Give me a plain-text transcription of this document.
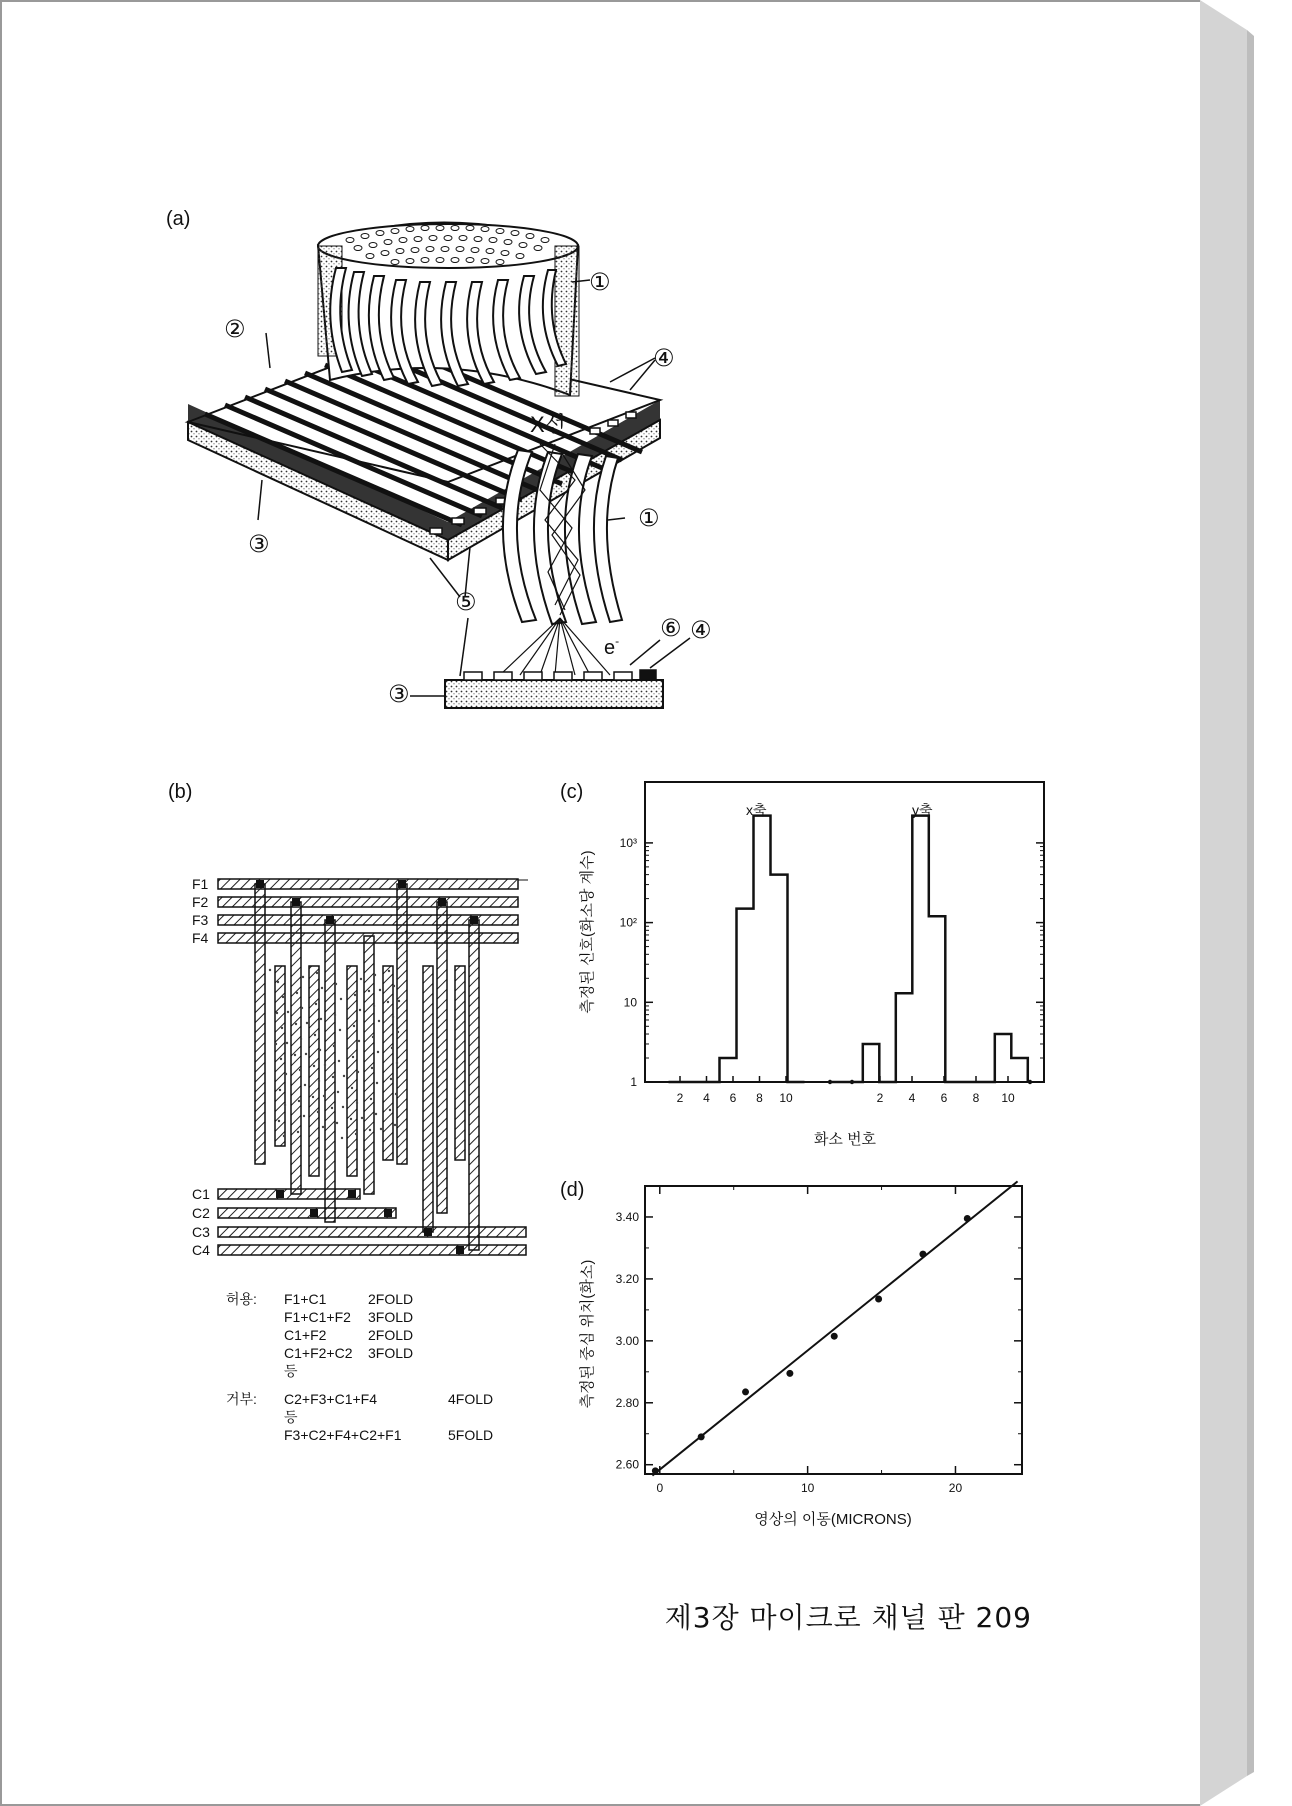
(a)
①
②
③
④
⑤
①
⑥ ④
③
X선
e-
(b)
F1
F2
F3
F4
C1
C2
C3
C4
허용:	F1+C1	2FOLD
F1+C1+F2	3FOLD
C1+F2	2FOLD
C1+F2+C2	3FOLD
등
거부:	C2+F3+C1+F4	4FOLD
등
F3+C2+F4+C2+F1	5FOLD
(c)
1
10
10²
10³
x축	y축
2 4 6 8 10	2 4 6 8 10
화소 번호
측정된 신호(화소당 계수)
(d)
2.60
2.80
3.00
3.20
3.40
0	10	20
영상의 이동(MICRONS)
측정된 중심 위치(화소)
제3장 마이크로 채널 판 209
